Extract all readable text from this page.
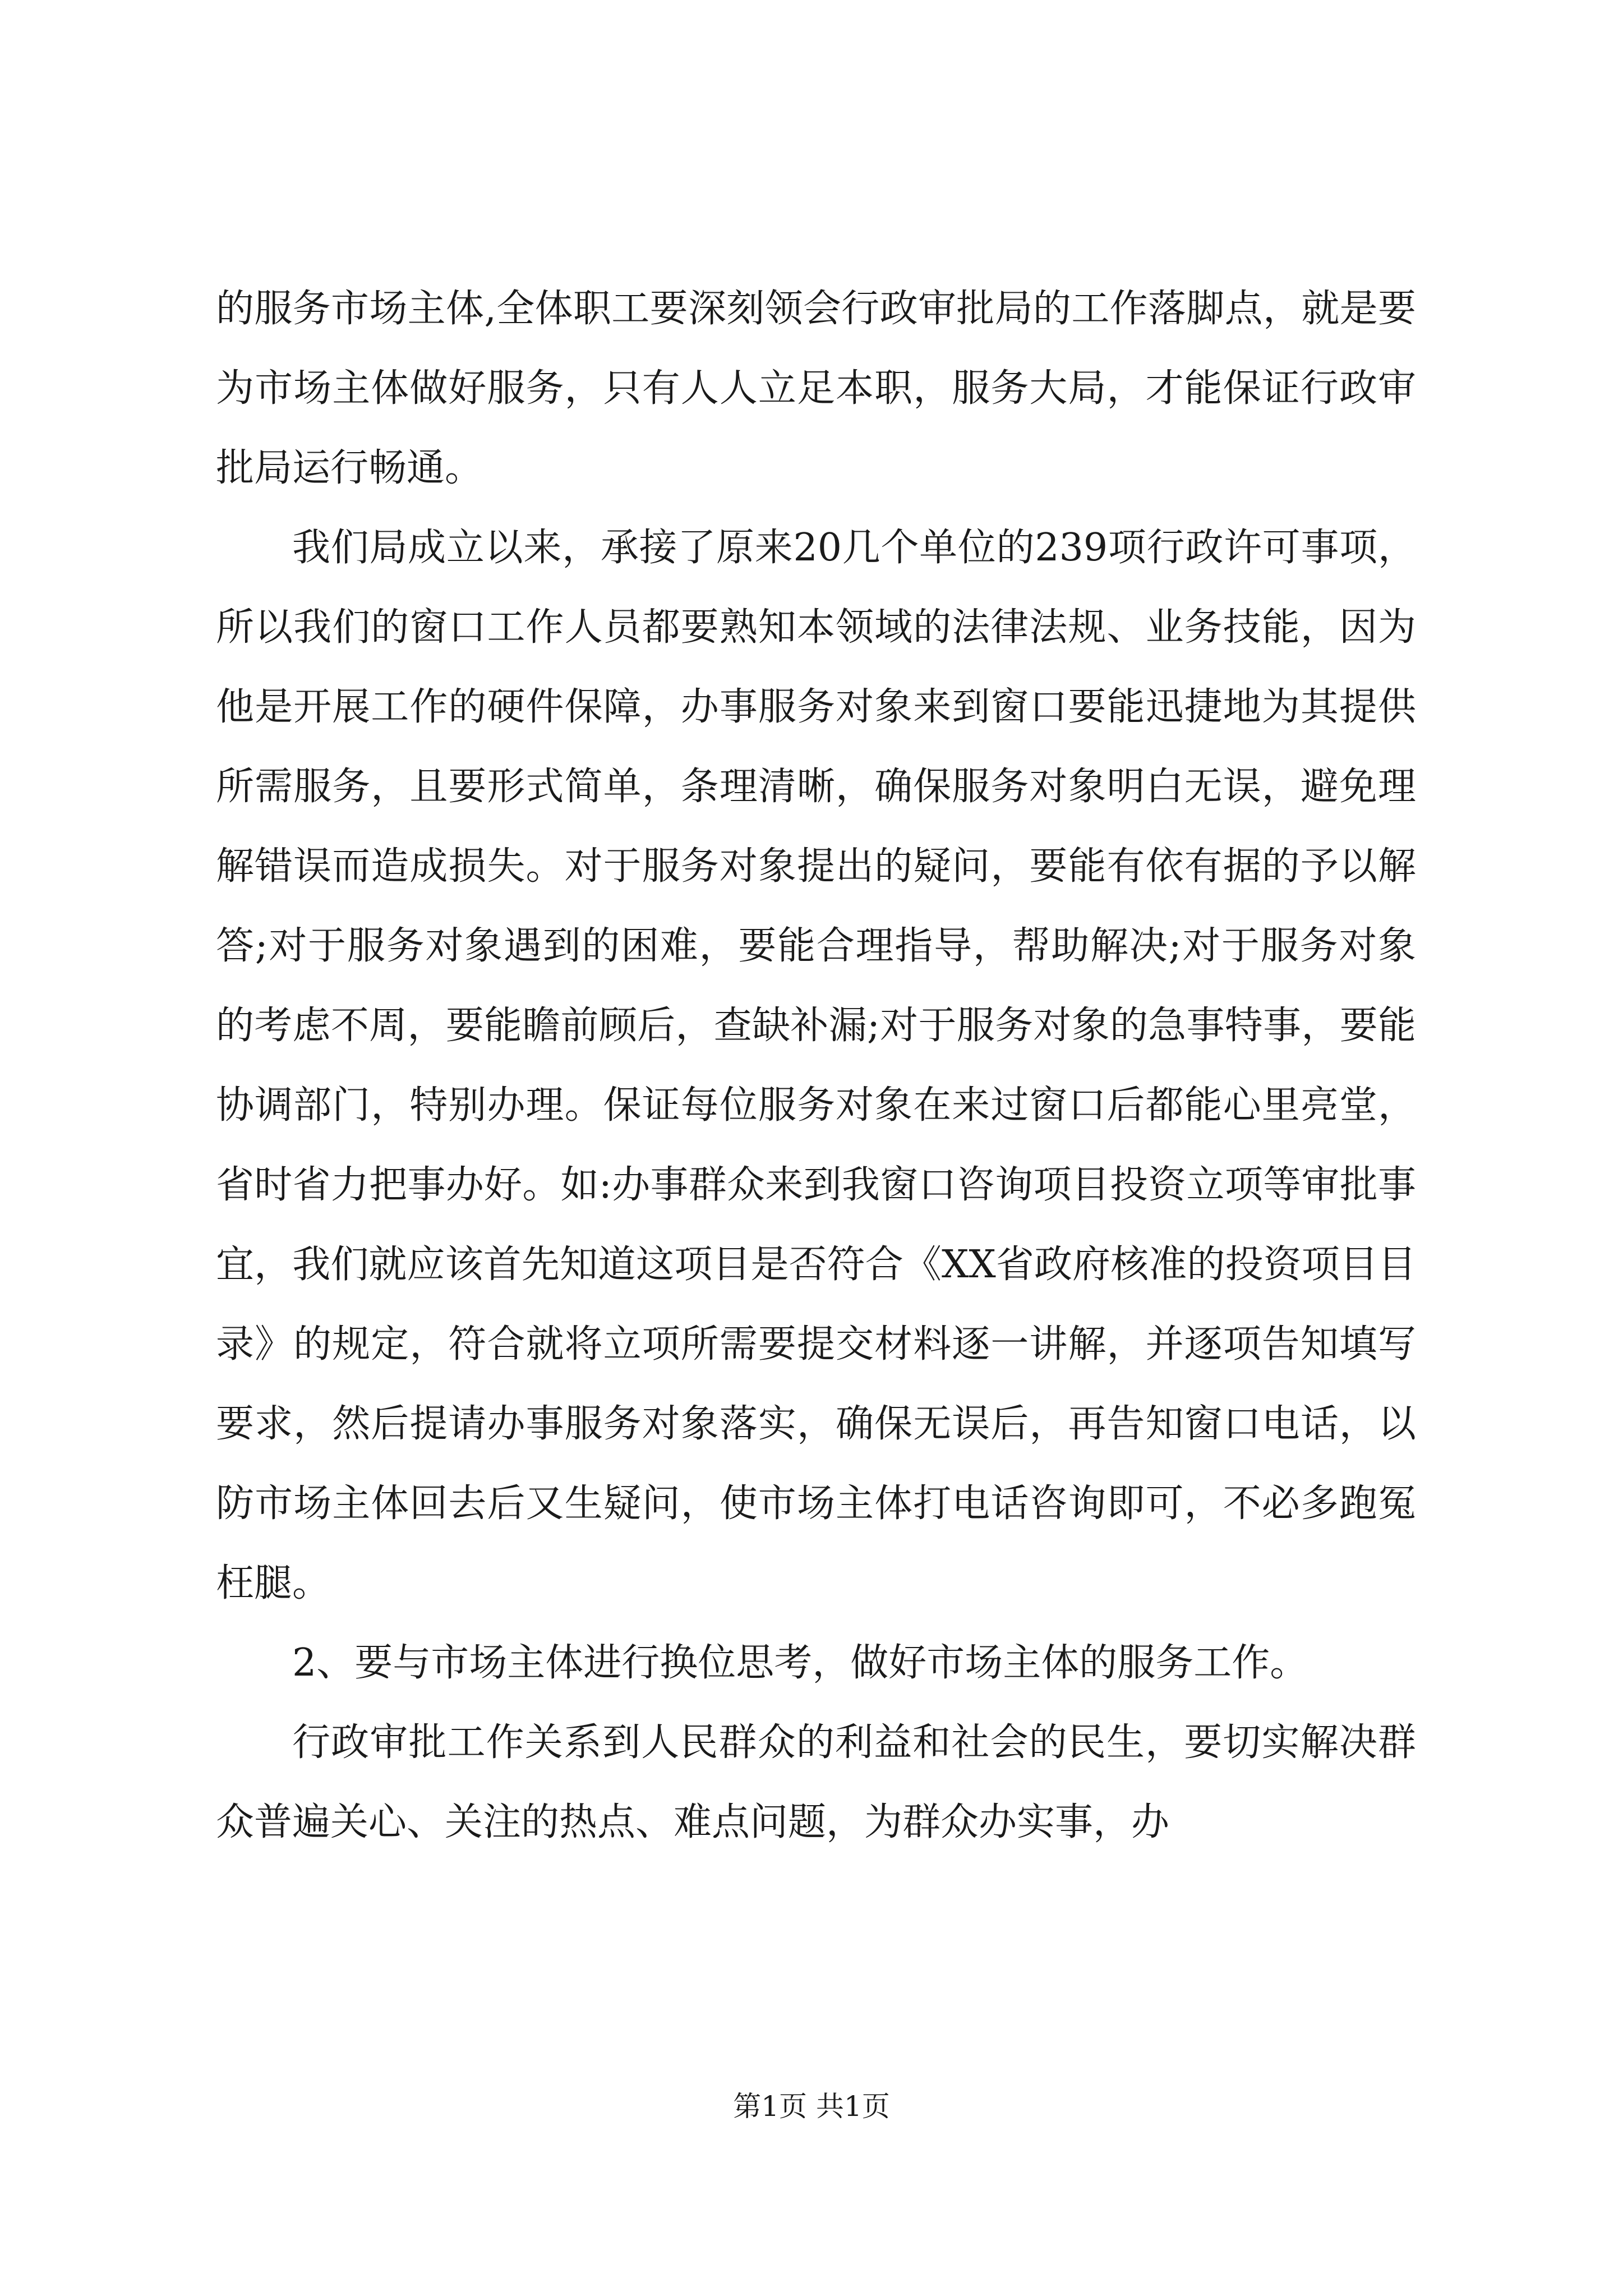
的服务市场主体,全体职工要深刻领会行政审批局的工作落脚点，就是要为市场主体做好服务，只有人人立足本职，服务大局，才能保证行政审批局运行畅通。

我们局成立以来，承接了原来20几个单位的239项行政许可事项，所以我们的窗口工作人员都要熟知本领域的法律法规、业务技能，因为他是开展工作的硬件保障，办事服务对象来到窗口要能迅捷地为其提供所需服务，且要形式简单，条理清晰，确保服务对象明白无误，避免理解错误而造成损失。对于服务对象提出的疑问，要能有依有据的予以解答;对于服务对象遇到的困难，要能合理指导，帮助解决;对于服务对象的考虑不周，要能瞻前顾后，查缺补漏;对于服务对象的急事特事，要能协调部门，特别办理。保证每位服务对象在来过窗口后都能心里亮堂，省时省力把事办好。如:办事群众来到我窗口咨询项目投资立项等审批事宜，我们就应该首先知道这项目是否符合《XX省政府核准的投资项目目录》的规定，符合就将立项所需要提交材料逐一讲解，并逐项告知填写要求，然后提请办事服务对象落实，确保无误后，再告知窗口电话，以防市场主体回去后又生疑问，使市场主体打电话咨询即可，不必多跑冤枉腿。

2、要与市场主体进行换位思考，做好市场主体的服务工作。

行政审批工作关系到人民群众的利益和社会的民生，要切实解决群众普遍关心、关注的热点、难点问题，为群众办实事，办

第1页 共1页
